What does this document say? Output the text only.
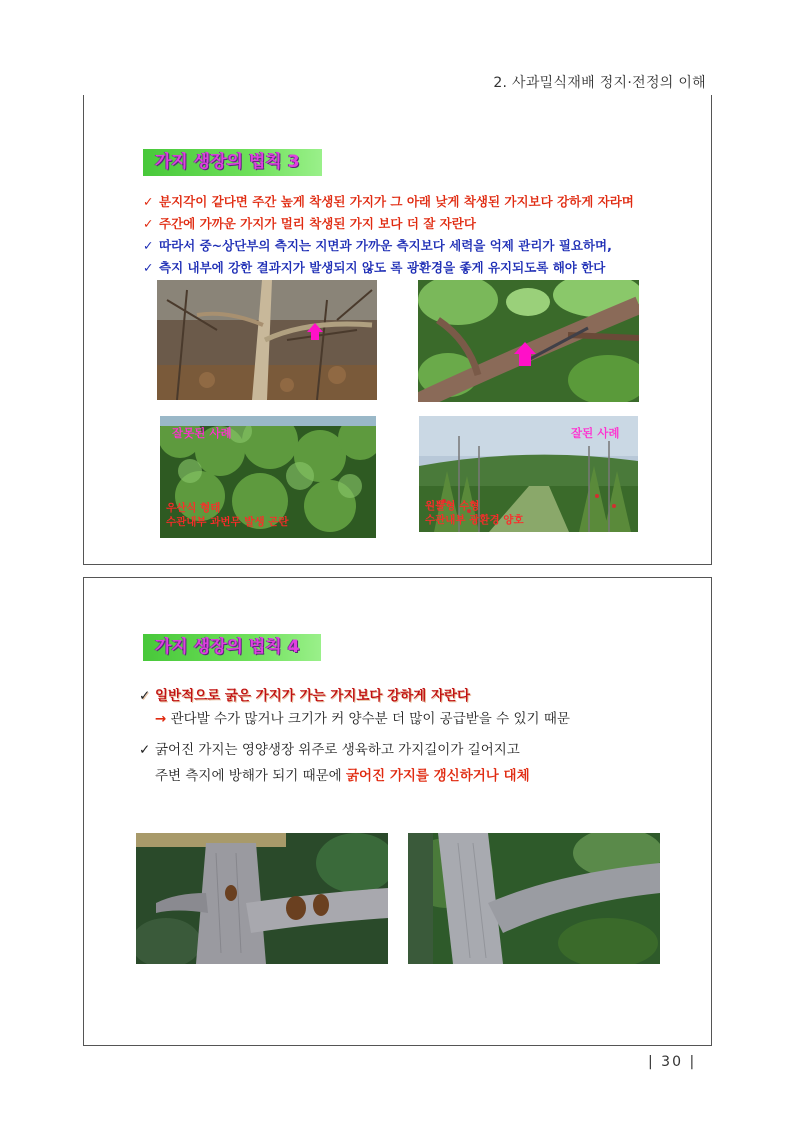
2. 사과밀식재배 정지·전정의 이해
가지 생장의 법칙 3
✓ 분지각이 같다면 주간 높게 착생된 가지가 그 아래 낮게 착생된 가지보다 강하게 자라며
✓ 주간에 가까운 가지가 멀리 착생된 가지 보다 더 잘 자란다
✓ 따라서 중~상단부의 측지는 지면과 가까운 측지보다 세력을 억제 관리가 필요하며,
✓ 측지 내부에 강한 결과지가 발생되지 않도 록 광환경을 좋게 유지되도록 해야 한다
잘못된 사례
우산식 형태
수관내부 과번무 발생 곤란
잘된 사례
원뿔형 수형
수관내부 광환경 양호
가지 생장의 법칙 4
✓ 일반적으로 굵은 가지가 가는 가지보다 강하게 자란다
→ 관다발 수가 많거나 크기가 커 양수분 더 많이 공급받을 수 있기 때문
✓ 굵어진 가지는 영양생장 위주로 생육하고 가지길이가 길어지고
주변 측지에 방해가 되기 때문에 굵어진 가지를 갱신하거나 대체
| 30 |
